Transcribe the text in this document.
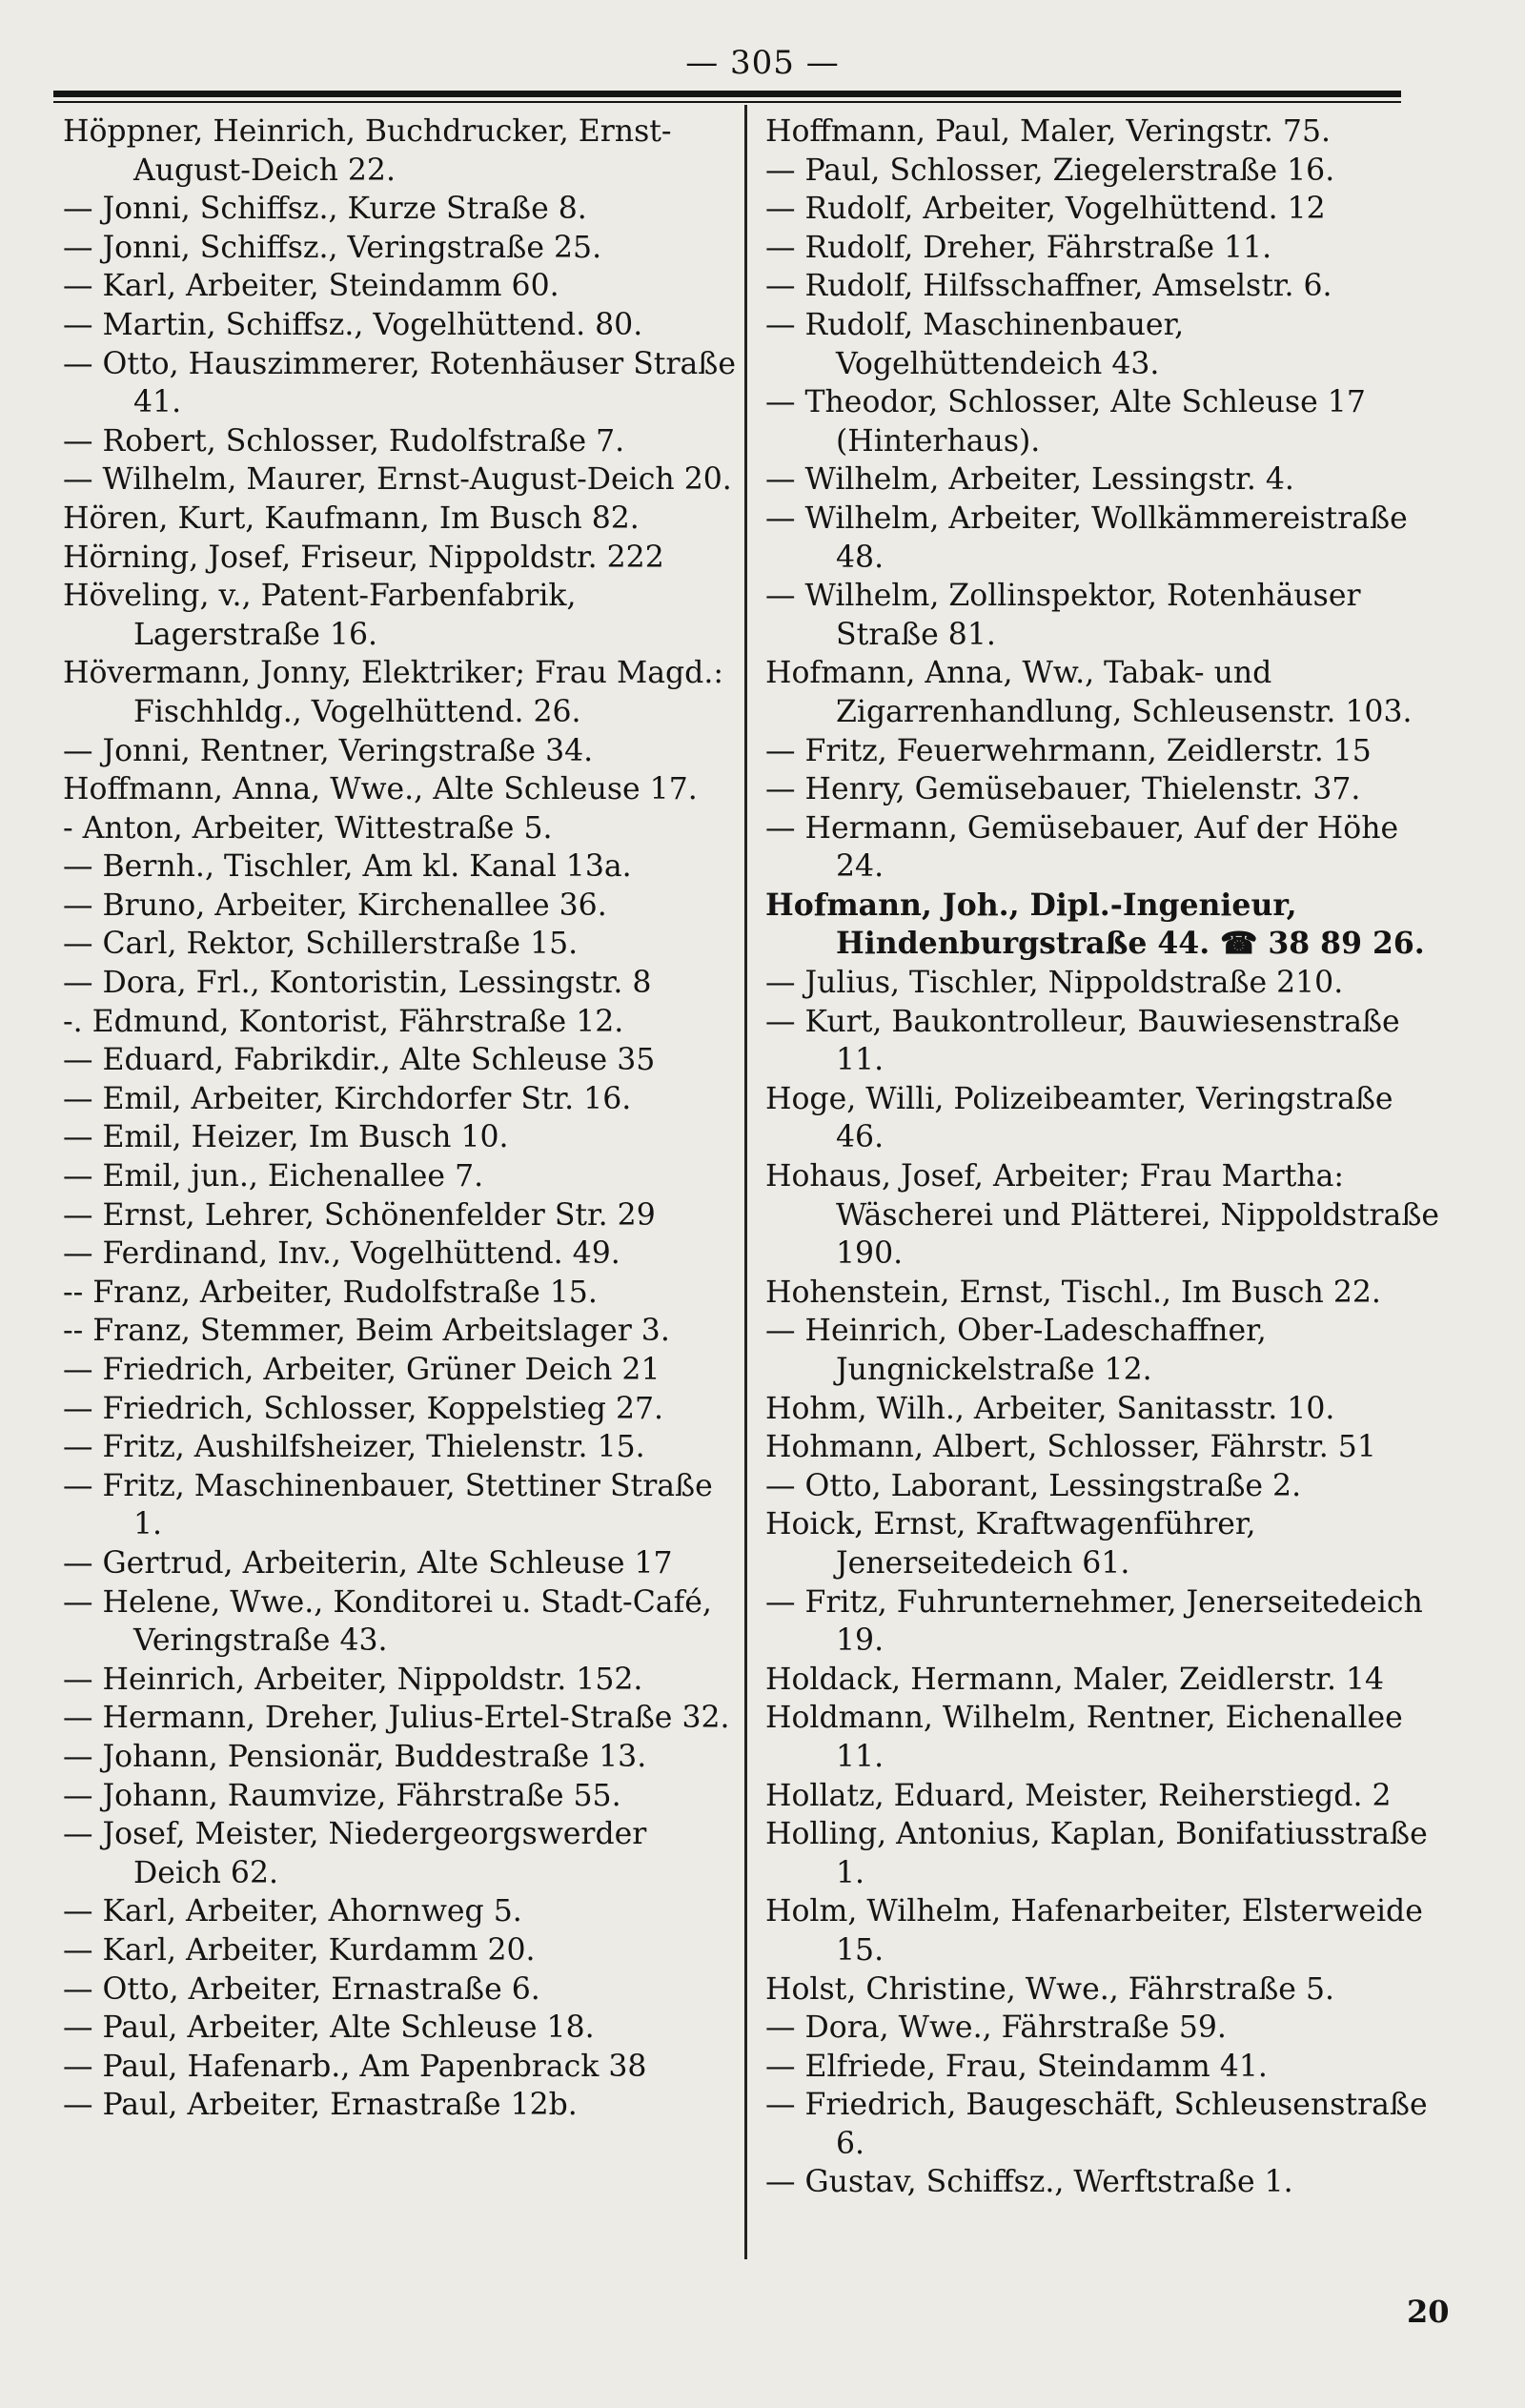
— 305 —

Höppner, Heinrich, Buchdrucker, Ernst-August-Deich 22.

— Jonni, Schiffsz., Kurze Straße 8.

— Jonni, Schiffsz., Veringstraße 25.

— Karl, Arbeiter, Steindamm 60.

— Martin, Schiffsz., Vogelhüttend. 80.

— Otto, Hauszimmerer, Rotenhäuser Straße 41.

— Robert, Schlosser, Rudolfstraße 7.

— Wilhelm, Maurer, Ernst-August-Deich 20.

Hören, Kurt, Kaufmann, Im Busch 82.

Hörning, Josef, Friseur, Nippoldstr. 222

Höveling, v., Patent-Farbenfabrik, Lagerstraße 16.

Hövermann, Jonny, Elektriker; Frau Magd.: Fischhldg., Vogelhüttend. 26.

— Jonni, Rentner, Veringstraße 34.

Hoffmann, Anna, Wwe., Alte Schleuse 17.

- Anton, Arbeiter, Wittestraße 5.

— Bernh., Tischler, Am kl. Kanal 13a.

— Bruno, Arbeiter, Kirchenallee 36.

— Carl, Rektor, Schillerstraße 15.

— Dora, Frl., Kontoristin, Lessingstr. 8

-. Edmund, Kontorist, Fährstraße 12.

— Eduard, Fabrikdir., Alte Schleuse 35

— Emil, Arbeiter, Kirchdorfer Str. 16.

— Emil, Heizer, Im Busch 10.

— Emil, jun., Eichenallee 7.

— Ernst, Lehrer, Schönenfelder Str. 29

— Ferdinand, Inv., Vogelhüttend. 49.

-- Franz, Arbeiter, Rudolfstraße 15.

-- Franz, Stemmer, Beim Arbeitslager 3.

— Friedrich, Arbeiter, Grüner Deich 21

— Friedrich, Schlosser, Koppelstieg 27.

— Fritz, Aushilfsheizer, Thielenstr. 15.

— Fritz, Maschinenbauer, Stettiner Straße 1.

— Gertrud, Arbeiterin, Alte Schleuse 17

— Helene, Wwe., Konditorei u. Stadt-Café, Veringstraße 43.

— Heinrich, Arbeiter, Nippoldstr. 152.

— Hermann, Dreher, Julius-Ertel-Straße 32.

— Johann, Pensionär, Buddestraße 13.

— Johann, Raumvize, Fährstraße 55.

— Josef, Meister, Niedergeorgswerder Deich 62.

— Karl, Arbeiter, Ahornweg 5.

— Karl, Arbeiter, Kurdamm 20.

— Otto, Arbeiter, Ernastraße 6.

— Paul, Arbeiter, Alte Schleuse 18.

— Paul, Hafenarb., Am Papenbrack 38

— Paul, Arbeiter, Ernastraße 12b.

Hoffmann, Paul, Maler, Veringstr. 75.

— Paul, Schlosser, Ziegelerstraße 16.

— Rudolf, Arbeiter, Vogelhüttend. 12

— Rudolf, Dreher, Fährstraße 11.

— Rudolf, Hilfsschaffner, Amselstr. 6.

— Rudolf, Maschinenbauer, Vogelhüttendeich 43.

— Theodor, Schlosser, Alte Schleuse 17 (Hinterhaus).

— Wilhelm, Arbeiter, Lessingstr. 4.

— Wilhelm, Arbeiter, Wollkämmereistraße 48.

— Wilhelm, Zollinspektor, Rotenhäuser Straße 81.

Hofmann, Anna, Ww., Tabak- und Zigarrenhandlung, Schleusenstr. 103.

— Fritz, Feuerwehrmann, Zeidlerstr. 15

— Henry, Gemüsebauer, Thielenstr. 37.

— Hermann, Gemüsebauer, Auf der Höhe 24.

Hofmann, Joh., Dipl.-Ingenieur, Hindenburgstraße 44. ☎ 38 89 26.

— Julius, Tischler, Nippoldstraße 210.

— Kurt, Baukontrolleur, Bauwiesenstraße 11.

Hoge, Willi, Polizeibeamter, Veringstraße 46.

Hohaus, Josef, Arbeiter; Frau Martha: Wäscherei und Plätterei, Nippoldstraße 190.

Hohenstein, Ernst, Tischl., Im Busch 22.

— Heinrich, Ober-Ladeschaffner, Jungnickelstraße 12.

Hohm, Wilh., Arbeiter, Sanitasstr. 10.

Hohmann, Albert, Schlosser, Fährstr. 51

— Otto, Laborant, Lessingstraße 2.

Hoick, Ernst, Kraftwagenführer, Jenerseitedeich 61.

— Fritz, Fuhrunternehmer, Jenerseitedeich 19.

Holdack, Hermann, Maler, Zeidlerstr. 14

Holdmann, Wilhelm, Rentner, Eichenallee 11.

Hollatz, Eduard, Meister, Reiherstiegd. 2

Holling, Antonius, Kaplan, Bonifatiusstraße 1.

Holm, Wilhelm, Hafenarbeiter, Elsterweide 15.

Holst, Christine, Wwe., Fährstraße 5.

— Dora, Wwe., Fährstraße 59.

— Elfriede, Frau, Steindamm 41.

— Friedrich, Baugeschäft, Schleusenstraße 6.

— Gustav, Schiffsz., Werftstraße 1.

20
